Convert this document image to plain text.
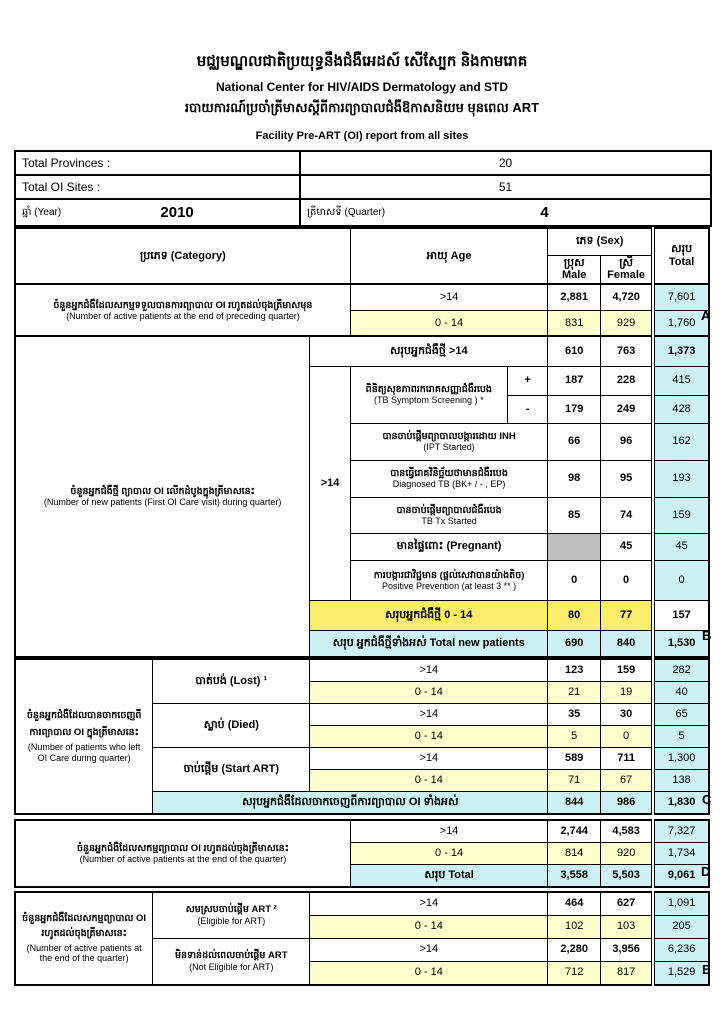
មជ្ឈមណ្ឌលជាតិប្រយុទ្ធនឹងជំងឺអេដស៍ សើស្បែក និងកាមរោគ
National Center for HIV/AIDS Dermatology and STD
របាយការណ៍ប្រចាំត្រីមាសស្តីពីការព្យាបាលជំងឺឱកាសនិយម មុនពេល ART
Facility Pre-ART (OI) report from all sites
Total Provinces :	20
Total OI Sites :	51

ឆ្នាំ (Year) 2010	ត្រីមាសទី (Quarter) 4
ប្រភេទ (Category)		អាយុ Age		ភេទ (Sex)		សរុប Total
				ប្រុស Male	ស្រី Female	

ចំនួនអ្នកជំងឺដែលសកម្មទទួលបានការព្យាបាល OI រហូតដល់ចុងត្រីមាសមុន
(Number of active patients at the end of preceding quarter)		>14		2,881	4,720	7,601
		0 - 14		831	929	1,760

ចំនួនអ្នកជំងឺថ្មី ព្យាបាល OI លើកដំបូងក្នុងត្រីមាសនេះ
(Number of new patients (First OI Care visit) during quarter)	សរុបអ្នកជំងឺថ្មី >14			610	763	1,373
	>14	ពិនិត្យសុខភាពរករោគសញ្ញាជំងឺរបេង
(TB Symptom Screening ) *	+	187	228	415
			-	179	249	428

		បានចាប់ផ្តើមព្យាបាលបង្ការដោយ INH
(IPT Started)		66	96	162

		បានធ្វើរោគវិនិច្ឆ័យថាមានជំងឺរបេង
Diagnosed TB (BK+ / - , EP)		98	95	193

		បានចាប់ផ្តើមព្យាបាលជំងឺរបេង
TB Tx Started		85	74	159
		មានផ្ទៃពោះ (Pregnant)			45	45

		ការបង្ការជាវិជ្ជមាន (ផ្តល់សេវាបានយ៉ាងតិច)
Positive Prevention (at least 3 ** )		0	0	0
	សរុបអ្នកជំងឺថ្មី 0 - 14			80	77	157
	សរុប អ្នកជំងឺថ្មីទាំងអស់ Total new patients			690	840	1,530
ចំនួនអ្នកជំងឺដែលបានចាកចេញពី
ការព្យាបាល OI ក្នុងត្រីមាសនេះ
(Number of patients who left
OI Care during quarter)	បាត់បង់ (Lost) ¹	>14	123	159	282
		0 - 14	21	19	40
	ស្លាប់ (Died)	>14	35	30	65
		0 - 14	5	0	5
	ចាប់ផ្តើម (Start ART)	>14	589	711	1,300
		0 - 14	71	67	138
	សរុបអ្នកជំងឺដែលចាកចេញពីការព្យាបាល OI ទាំងអស់		844	986	1,830
ចំនួនអ្នកជំងឺដែលសកម្មព្យាបាល OI រហូតដល់ចុងត្រីមាសនេះ
(Number of active patients at the end of the quarter)	>14	2,744	4,583	7,327
	0 - 14	814	920	1,734
	សរុប Total	3,558	5,503	9,061
ចំនួនអ្នកជំងឺដែលសកម្មព្យាបាល OI
រហូតដល់ចុងត្រីមាសនេះ
(Number of active patients at
the end of the quarter)

សមស្របចាប់ផ្តើម ART ²
(Eligible for ART)
	>14	464	627	1,091
		0 - 14	102	103	205

	មិនទាន់ដល់ពេលចាប់ផ្តើម ART
(Not Eligible for ART)	>14	2,280	3,956	6,236
		0 - 14	712	817	1,529
A
B
C
D
E
